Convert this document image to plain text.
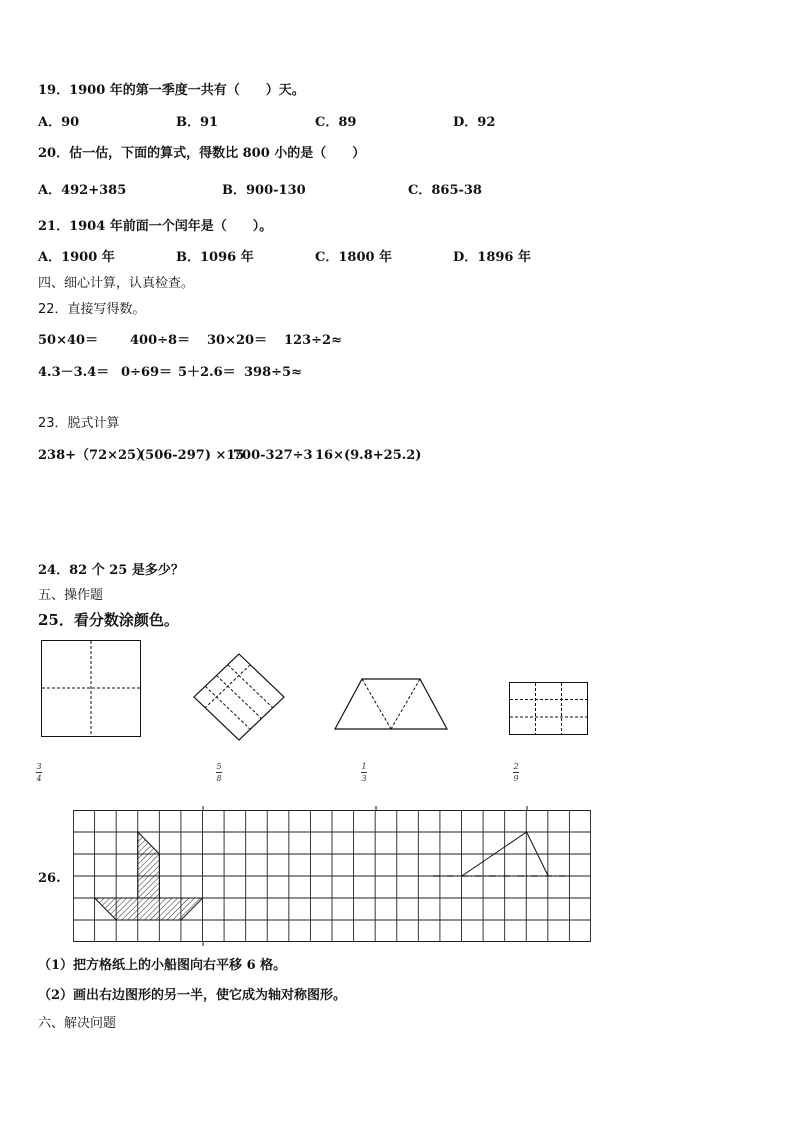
19．1900 年的第一季度一共有（　　）天。
A．90	B．91	C．89	D．92
20．估一估，下面的算式，得数比 800 小的是（　　）
A．492+385	B．900-130	C．865-38
21．1904 年前面一个闰年是（　　）。
A．1900 年	B．1096 年	C．1800 年	D．1896 年
四、细心计算，认真检查。
22．直接写得数。
50×40＝ 400÷8＝ 30×20＝ 123÷2≈
4.3－3.4＝ 0÷69＝ 5＋2.6＝ 398÷5≈
23．脱式计算
238+（72×25）
(506-297) ×15
700-327÷3 16×(9.8+25.2)
24．82 个 25 是多少？
五、操作题
25．看分数涂颜色。
3
4
5
8
1
3
2
9
26.
（1）把方格纸上的小船图向右平移 6 格。
（2）画出右边图形的另一半，使它成为轴对称图形。
六、解决问题
